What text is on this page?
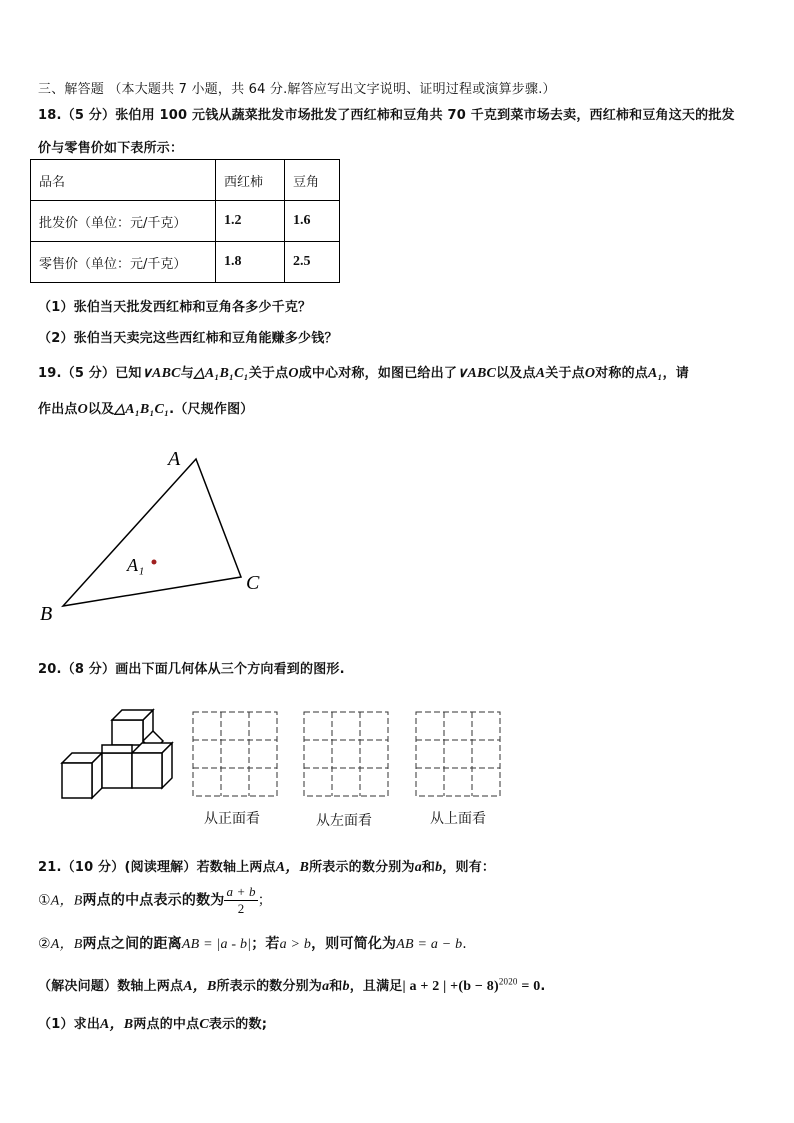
三、解答题 （本大题共 7 小题，共 64 分.解答应写出文字说明、证明过程或演算步骤.）
18.（5 分）张伯用 100 元钱从蔬菜批发市场批发了西红柿和豆角共 70 千克到菜市场去卖，西红柿和豆角这天的批发
价与零售价如下表所示：
品名	西红柿	豆角
批发价（单位：元/千克）	1.2	1.6
零售价（单位：元/千克）	1.8	2.5
（1）张伯当天批发西红柿和豆角各多少千克？
（2）张伯当天卖完这些西红柿和豆角能赚多少钱？
19.（5 分）已知∨ABC与△A₁B₁C₁关于点O成中心对称，如图已给出了∨ABC以及点A关于点O对称的点A₁，请
作出点O以及△A₁B₁C₁.（尺规作图）
A
B
C
A₁
20.（8 分）画出下面几何体从三个方向看到的图形.
从正面看	从左面看	从上面看
21.（10 分）(阅读理解）若数轴上两点A，B所表示的数分别为a和b，则有：
①A，B两点的中点表示的数为 $\frac{a + b}{2}$ ；
②A，B两点之间的距离AB = |a - b|；若a > b，则可简化为AB = a − b.
（解决问题）数轴上两点A，B所表示的数分别为a和b，且满足| a + 2 | $+(b - 8)^{2020} = 0$.
（1）求出A，B两点的中点C表示的数;
